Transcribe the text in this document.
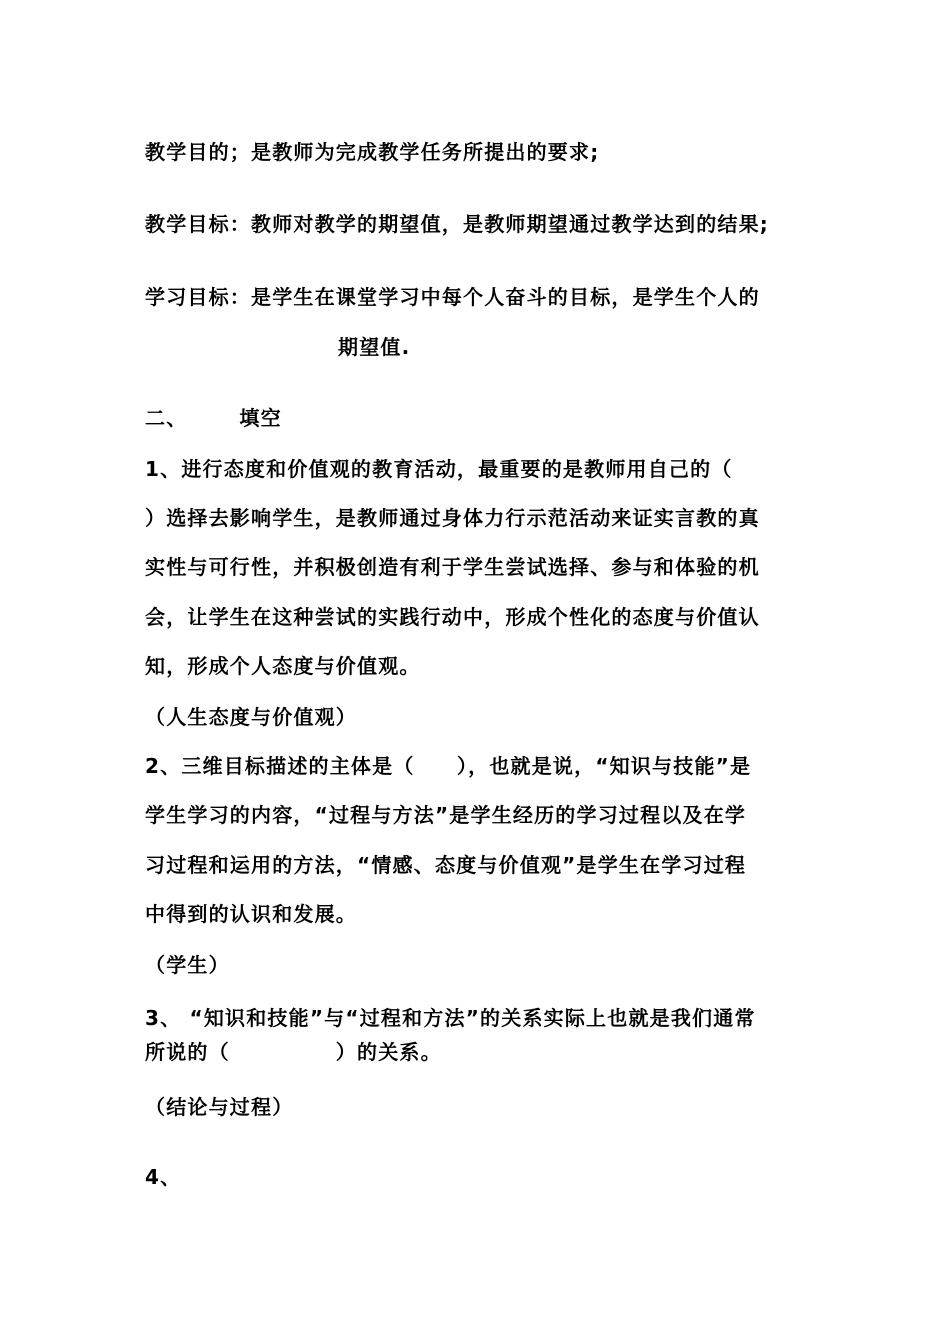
教学目的；是教师为完成教学任务所提出的要求;
教学目标：教师对教学的期望值，是教师期望通过教学达到的结果;
学习目标：是学生在课堂学习中每个人奋斗的目标，是学生个人的
期望值.
二、	填空
1、进行态度和价值观的教育活动，最重要的是教师用自己的（
）选择去影响学生，是教师通过身体力行示范活动来证实言教的真
实性与可行性，并积极创造有利于学生尝试选择、参与和体验的机
会，让学生在这种尝试的实践行动中，形成个性化的态度与价值认
知，形成个人态度与价值观。
（人生态度与价值观）
2、三维目标描述的主体是（　　），也就是说，“知识与技能”是
学生学习的内容，“过程与方法”是学生经历的学习过程以及在学
习过程和运用的方法，“情感、态度与价值观”是学生在学习过程
中得到的认识和发展。
（学生）
3、 “知识和技能”与“过程和方法”的关系实际上也就是我们通常
所说的（　　　　　）的关系。
（结论与过程）
4、
